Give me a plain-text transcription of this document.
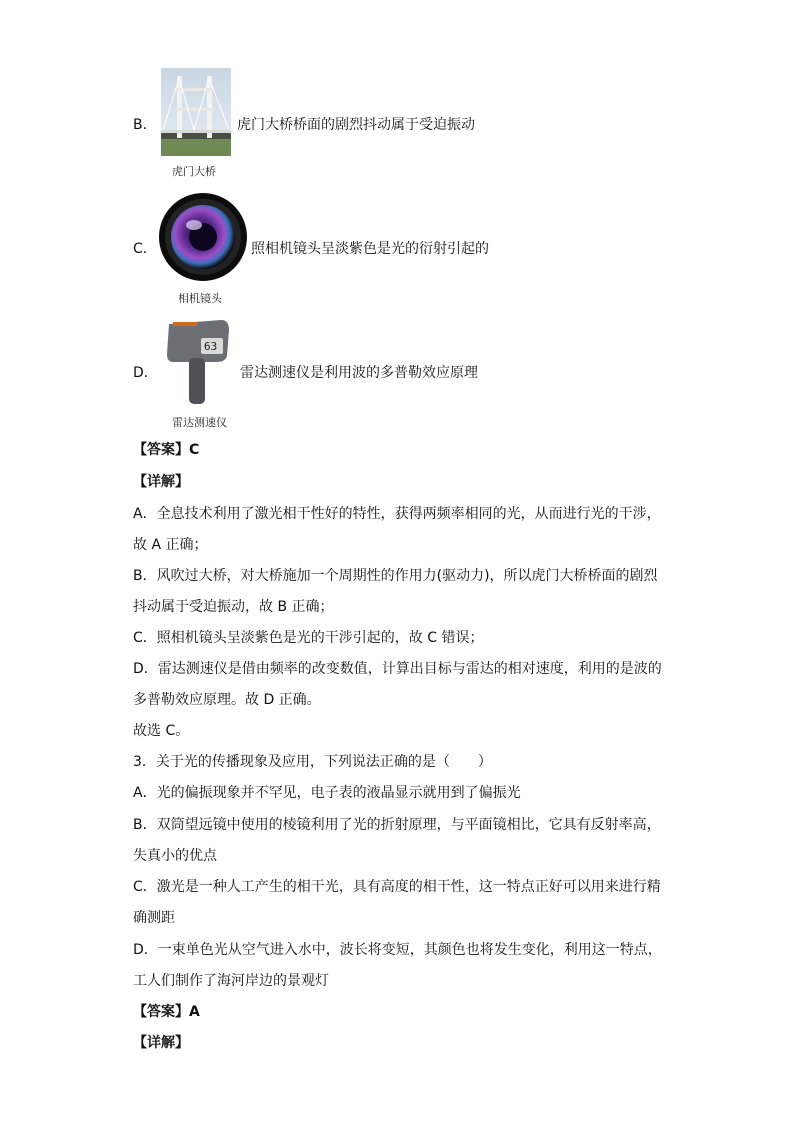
B．	虎门大桥桥面的剧烈抖动属于受迫振动
虎门大桥
C．	照相机镜头呈淡紫色是光的衍射引起的
相机镜头
D．
63
雷达测速仪是利用波的多普勒效应原理
雷达测速仪
【答案】C
【详解】
A．全息技术利用了激光相干性好的特性，获得两频率相同的光，从而进行光的干涉，
故 A 正确；
B．风吹过大桥，对大桥施加一个周期性的作用力(驱动力)，所以虎门大桥桥面的剧烈
抖动属于受迫振动，故 B 正确；
C．照相机镜头呈淡紫色是光的干涉引起的，故 C 错误；
D．雷达测速仪是借由频率的改变数值，计算出目标与雷达的相对速度，利用的是波的
多普勒效应原理。故 D 正确。
故选 C。
3．关于光的传播现象及应用，下列说法正确的是（　　）
A．光的偏振现象并不罕见，电子表的液晶显示就用到了偏振光
B．双筒望远镜中使用的棱镜利用了光的折射原理，与平面镜相比，它具有反射率高，
失真小的优点
C．激光是一种人工产生的相干光，具有高度的相干性，这一特点正好可以用来进行精
确测距
D．一束单色光从空气进入水中，波长将变短，其颜色也将发生变化，利用这一特点，
工人们制作了海河岸边的景观灯
【答案】A
【详解】
